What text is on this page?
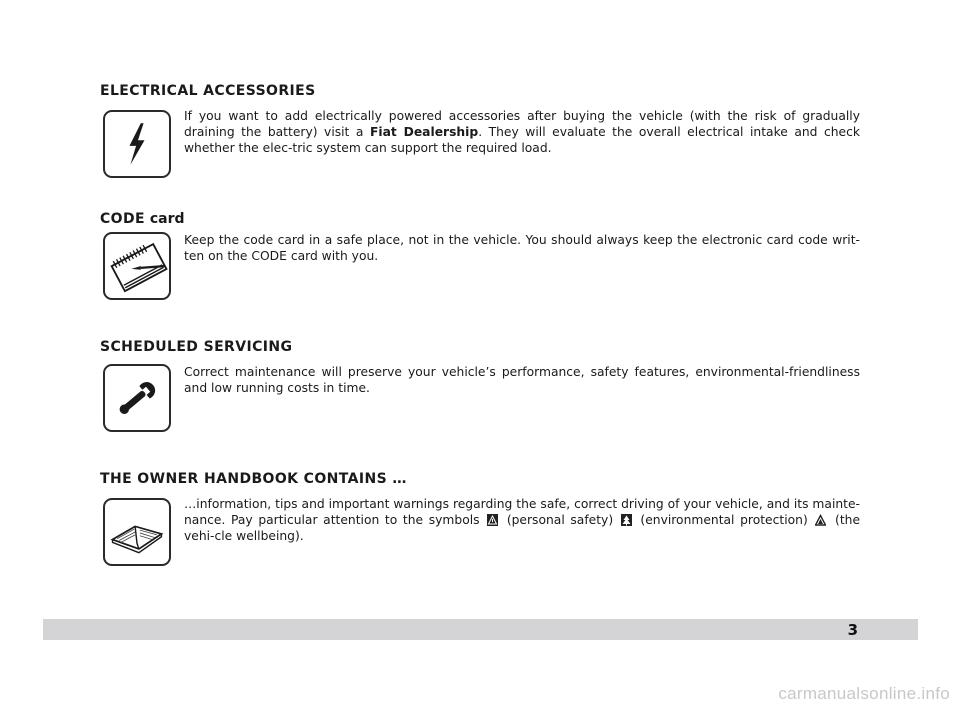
ELECTRICAL ACCESSORIES

If you want to add electrically powered accessories after buying the vehicle (with the risk of gradually draining the battery) visit a Fiat Dealership. They will evaluate the overall electrical intake and check whether the elec-tric system can support the required load.

CODE card

Keep the code card in a safe place, not in the vehicle. You should always keep the electronic card code writ-ten on the CODE card with you.

SCHEDULED SERVICING

Correct maintenance will preserve your vehicle’s performance, safety features, environmental-friendliness and low running costs in time.

THE OWNER HANDBOOK CONTAINS …

…information, tips and important warnings regarding the safe, correct driving of your vehicle, and its mainte-nance. Pay particular attention to the symbols
(personal safety)
(environmental protection)
(the vehi-cle wellbeing).

3
carmanualsonline.info
